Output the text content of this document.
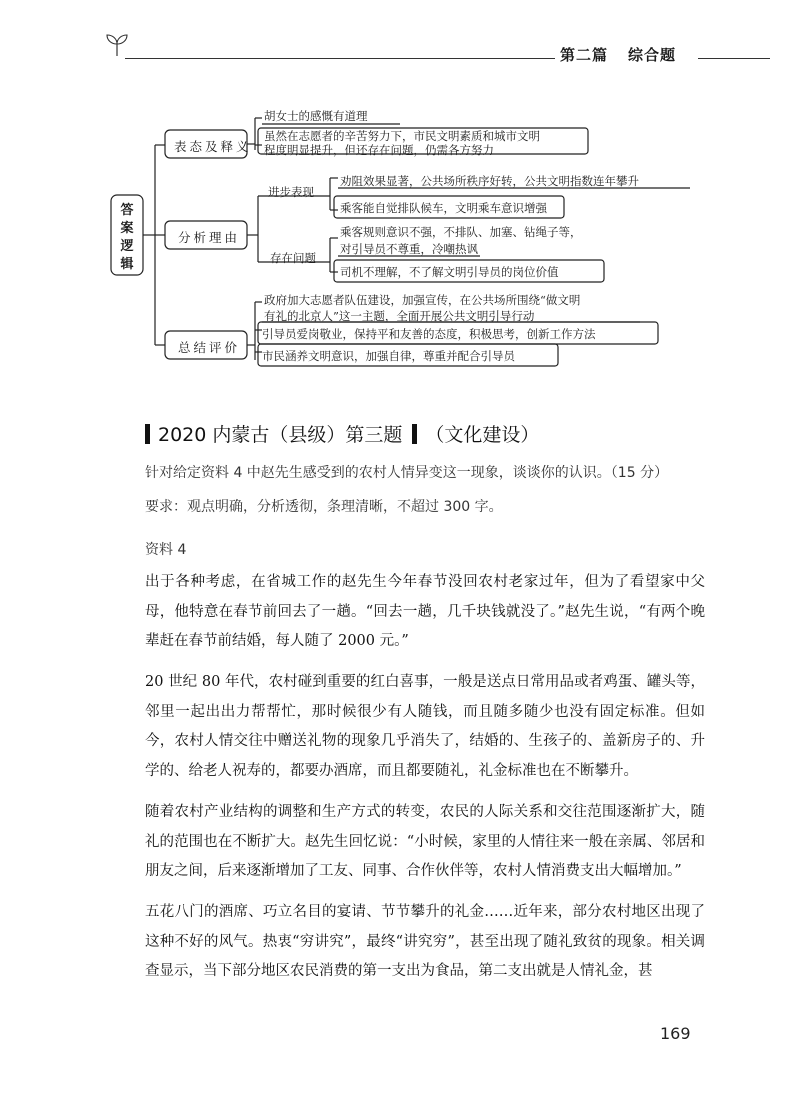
第二篇 综合题
答案逻辑
表态及释义
分析理由
总结评价
胡女士的感慨有道理
虽然在志愿者的辛苦努力下，市民文明素质和城市文明
程度明显提升，但还存在问题，仍需各方努力
进步表现
劝阻效果显著，公共场所秩序好转，公共文明指数连年攀升
乘客能自觉排队候车，文明乘车意识增强
存在问题
乘客规则意识不强，不排队、加塞、钻绳子等，
对引导员不尊重，冷嘲热讽
司机不理解，不了解文明引导员的岗位价值
政府加大志愿者队伍建设，加强宣传，在公共场所围绕“做文明
有礼的北京人”这一主题，全面开展公共文明引导行动
引导员爱岗敬业，保持平和友善的态度，积极思考，创新工作方法
市民涵养文明意识，加强自律，尊重并配合引导员
2020 内蒙古（县级）第三题 （文化建设）
针对给定资料 4 中赵先生感受到的农村人情异变这一现象，谈谈你的认识。（15 分）
要求：观点明确，分析透彻，条理清晰，不超过 300 字。
资料 4
出于各种考虑，在省城工作的赵先生今年春节没回农村老家过年，但为了看望家中父母，他特意在春节前回去了一趟。“回去一趟，几千块钱就没了。”赵先生说，“有两个晚辈赶在春节前结婚，每人随了 2000 元。”
20 世纪 80 年代，农村碰到重要的红白喜事，一般是送点日常用品或者鸡蛋、罐头等，邻里一起出出力帮帮忙，那时候很少有人随钱，而且随多随少也没有固定标准。但如今，农村人情交往中赠送礼物的现象几乎消失了，结婚的、生孩子的、盖新房子的、升学的、给老人祝寿的，都要办酒席，而且都要随礼，礼金标准也在不断攀升。
随着农村产业结构的调整和生产方式的转变，农民的人际关系和交往范围逐渐扩大，随礼的范围也在不断扩大。赵先生回忆说：“小时候，家里的人情往来一般在亲属、邻居和朋友之间，后来逐渐增加了工友、同事、合作伙伴等，农村人情消费支出大幅增加。”
五花八门的酒席、巧立名目的宴请、节节攀升的礼金……近年来，部分农村地区出现了这种不好的风气。热衷“穷讲究”，最终“讲究穷”，甚至出现了随礼致贫的现象。相关调查显示，当下部分地区农民消费的第一支出为食品，第二支出就是人情礼金，甚
169
